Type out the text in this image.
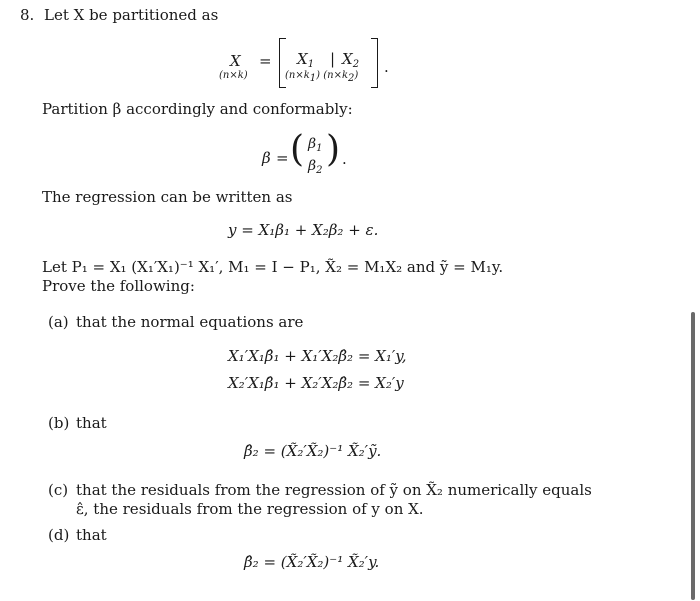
8. Let X be partitioned as
X
(n×k)
= $X_1$ | $X_2$
$(n\times k_1)$ $(n\times k_2)$ .
Partition β accordingly and conformably:
β = ( $\beta_1$
$\beta_2$
) .
The regression can be written as
y = X₁β₁ + X₂β₂ + ε.
Let P₁ = X₁ (X₁′X₁)⁻¹ X₁′, M₁ = I − P₁, X̃₂ = M₁X₂ and ỹ = M₁y.
Prove the following:
(a) that the normal equations are
X₁′X₁β̂₁ + X₁′X₂β̂₂ = X₁′y,
X₂′X₁β̂₁ + X₂′X₂β̂₂ = X₂′y
(b) that
β̂₂ = (X̃₂′X̃₂)⁻¹ X̃₂′ỹ.
(c) that the residuals from the regression of ỹ on X̃₂ numerically equals
ε̂, the residuals from the regression of y on X.
(d) that
β̂₂ = (X̃₂′X̃₂)⁻¹ X̃₂′y.
